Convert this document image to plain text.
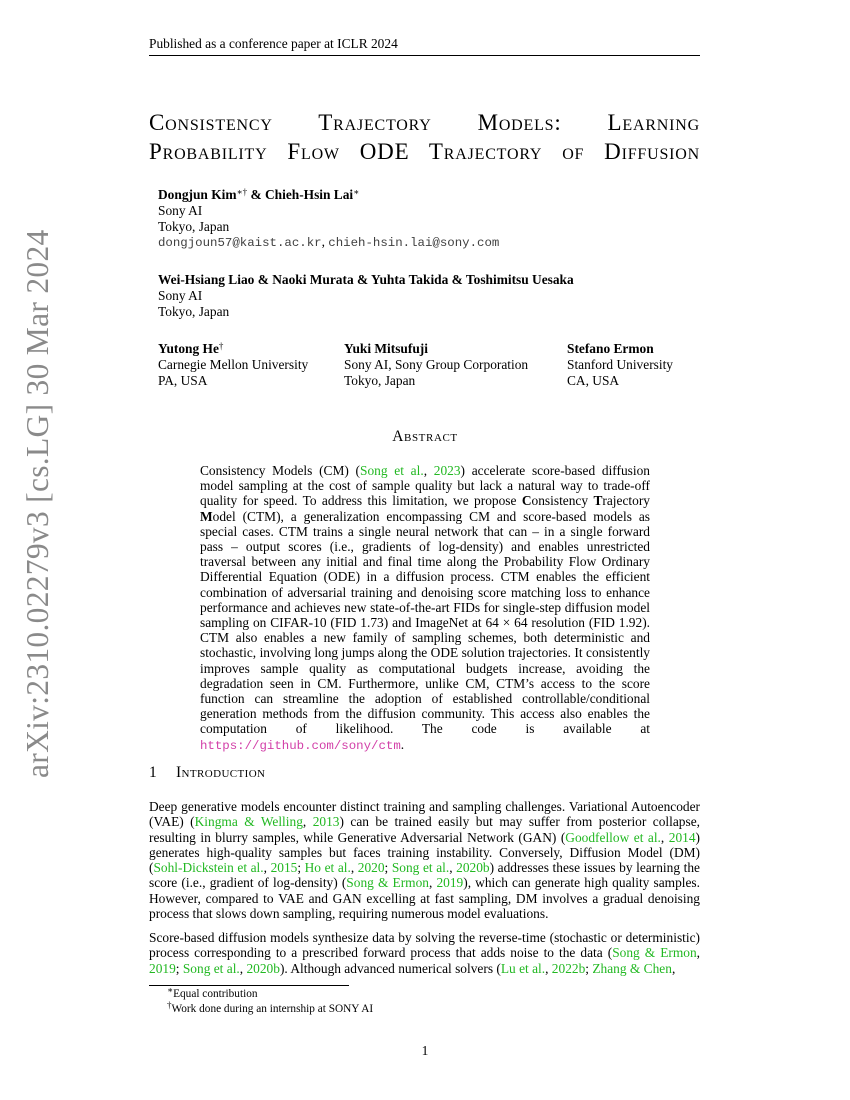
arXiv:2310.02279v3 [cs.LG] 30 Mar 2024
Published as a conference paper at ICLR 2024
Consistency Trajectory Models: Learning Probability Flow ODE Trajectory of Diffusion
Dongjun Kim∗† & Chieh-Hsin Lai∗
Sony AI
Tokyo, Japan
dongjoun57@kaist.ac.kr, chieh-hsin.lai@sony.com
Wei-Hsiang Liao & Naoki Murata & Yuhta Takida & Toshimitsu Uesaka
Sony AI
Tokyo, Japan
Yutong He†
Carnegie Mellon University
PA, USA
Yuki Mitsufuji
Sony AI, Sony Group Corporation
Tokyo, Japan
Stefano Ermon
Stanford University
CA, USA
Abstract
Consistency Models (CM) (Song et al., 2023) accelerate score-based diffusion model sampling at the cost of sample quality but lack a natural way to trade-off quality for speed. To address this limitation, we propose Consistency Trajectory Model (CTM), a generalization encompassing CM and score-based models as special cases. CTM trains a single neural network that can – in a single forward pass – output scores (i.e., gradients of log-density) and enables unrestricted traversal between any initial and final time along the Probability Flow Ordinary Differential Equation (ODE) in a diffusion process. CTM enables the efficient combination of adversarial training and denoising score matching loss to enhance performance and achieves new state-of-the-art FIDs for single-step diffusion model sampling on CIFAR-10 (FID 1.73) and ImageNet at 64 × 64 resolution (FID 1.92). CTM also enables a new family of sampling schemes, both deterministic and stochastic, involving long jumps along the ODE solution trajectories. It consistently improves sample quality as computational budgets increase, avoiding the degradation seen in CM. Furthermore, unlike CM, CTM’s access to the score function can streamline the adoption of established controllable/conditional generation methods from the diffusion community. This access also enables the computation of likelihood. The code is available at https://github.com/sony/ctm.
1 Introduction
Deep generative models encounter distinct training and sampling challenges. Variational Autoencoder (VAE) (Kingma & Welling, 2013) can be trained easily but may suffer from posterior collapse, resulting in blurry samples, while Generative Adversarial Network (GAN) (Goodfellow et al., 2014) generates high-quality samples but faces training instability. Conversely, Diffusion Model (DM) (Sohl-Dickstein et al., 2015; Ho et al., 2020; Song et al., 2020b) addresses these issues by learning the score (i.e., gradient of log-density) (Song & Ermon, 2019), which can generate high quality samples. However, compared to VAE and GAN excelling at fast sampling, DM involves a gradual denoising process that slows down sampling, requiring numerous model evaluations.
Score-based diffusion models synthesize data by solving the reverse-time (stochastic or deterministic) process corresponding to a prescribed forward process that adds noise to the data (Song & Ermon, 2019; Song et al., 2020b). Although advanced numerical solvers (Lu et al., 2022b; Zhang & Chen,
∗Equal contribution
†Work done during an internship at SONY AI
1
